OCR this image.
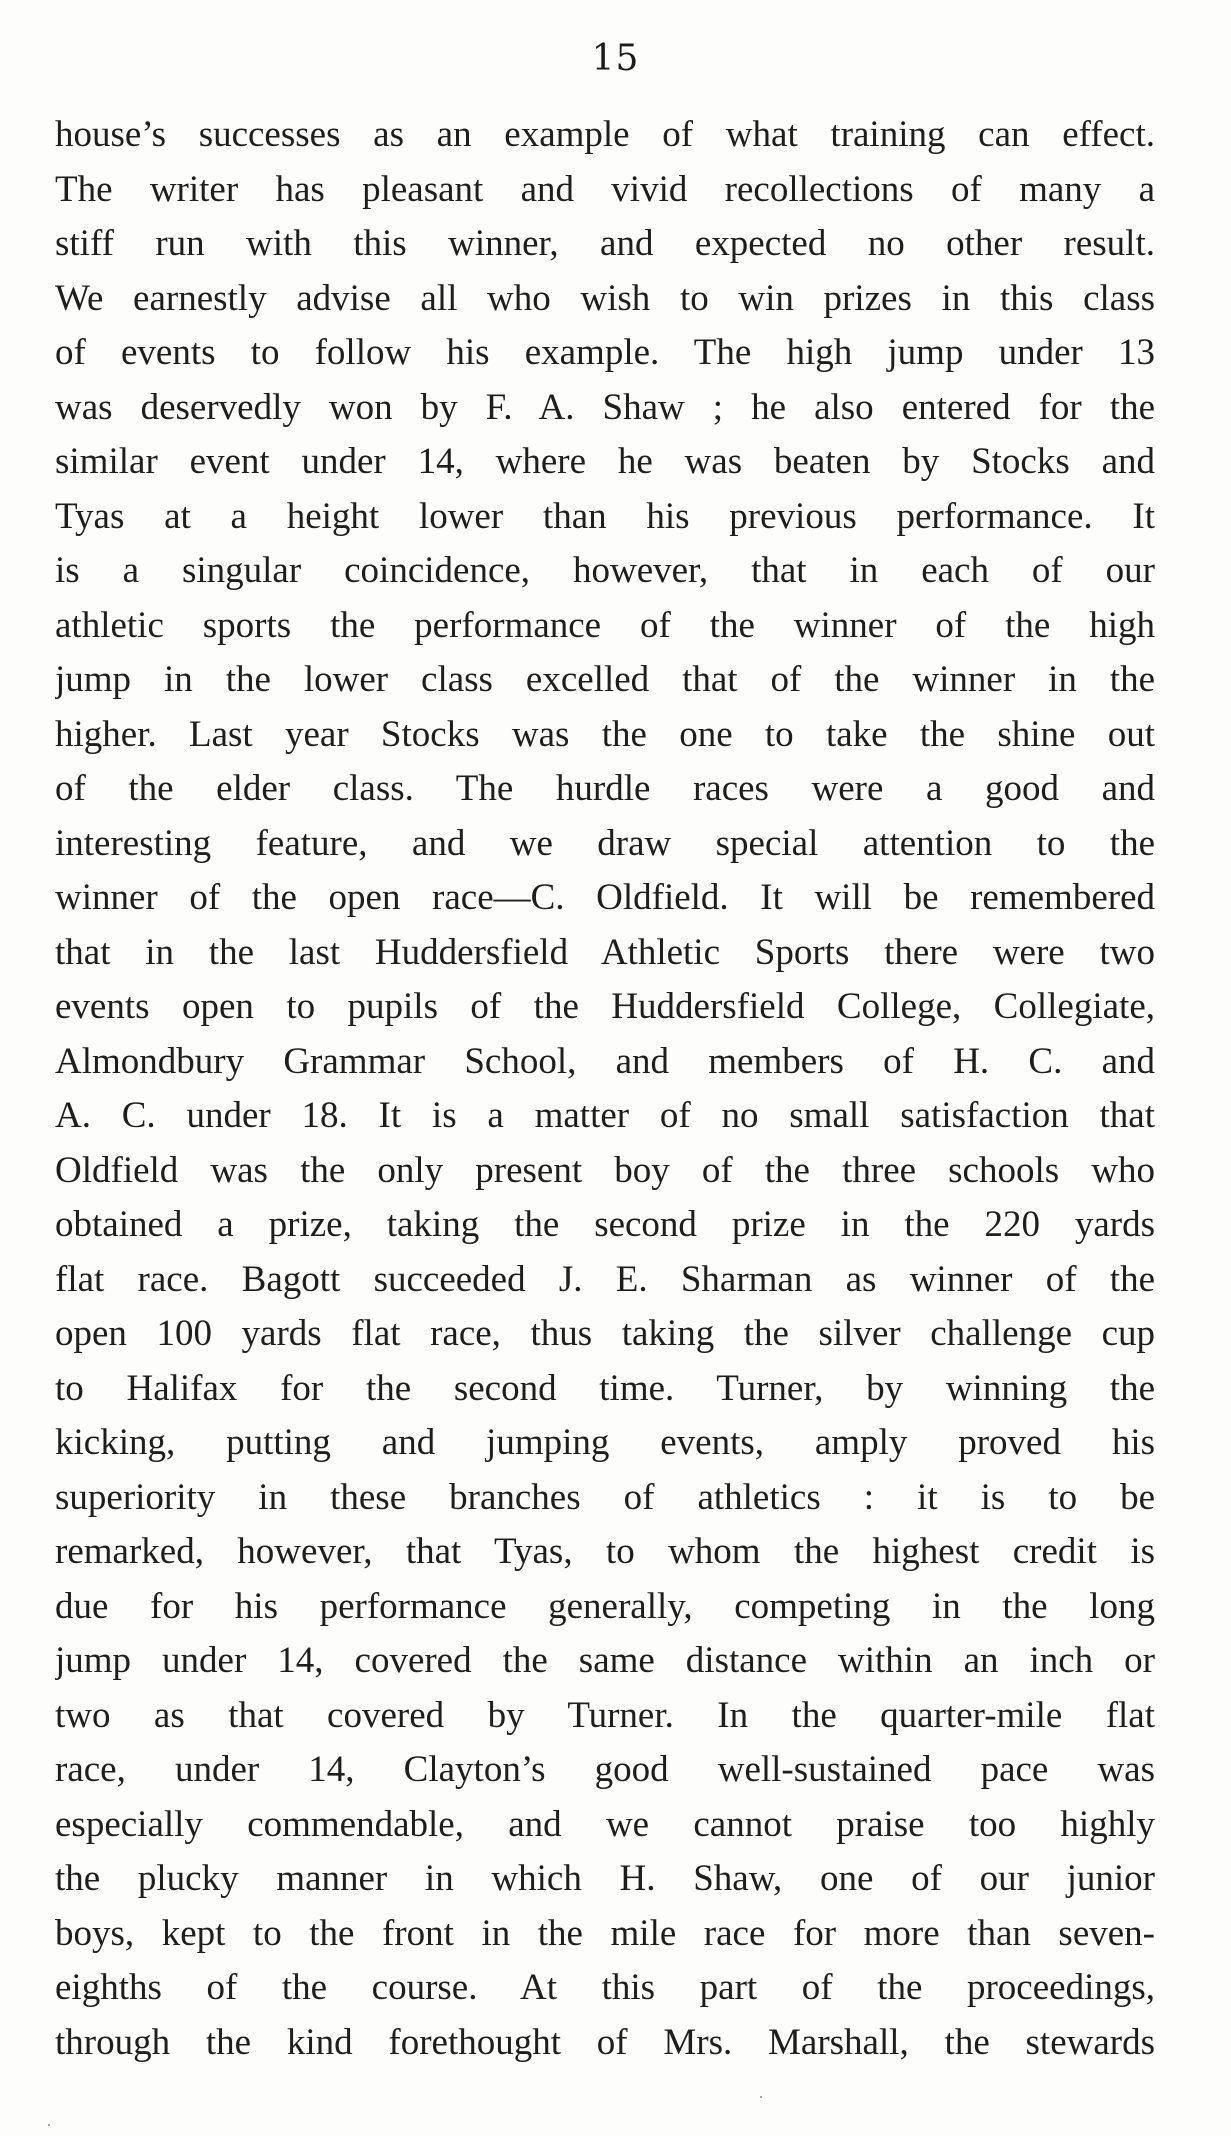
15
house’s successes as an example of what training can effect.
The writer has pleasant and vivid recollections of many a
stiff run with this winner, and expected no other result.
We earnestly advise all who wish to win prizes in this class
of events to follow his example. The high jump under 13
was deservedly won by F. A. Shaw ; he also entered for the
similar event under 14, where he was beaten by Stocks and
Tyas at a height lower than his previous performance. It
is a singular coincidence, however, that in each of our
athletic sports the performance of the winner of the high
jump in the lower class excelled that of the winner in the
higher. Last year Stocks was the one to take the shine out
of the elder class. The hurdle races were a good and
interesting feature, and we draw special attention to the
winner of the open race—C. Oldfield. It will be remembered
that in the last Huddersfield Athletic Sports there were two
events open to pupils of the Huddersfield College, Collegiate,
Almondbury Grammar School, and members of H. C. and
A. C. under 18. It is a matter of no small satisfaction that
Oldfield was the only present boy of the three schools who
obtained a prize, taking the second prize in the 220 yards
flat race. Bagott succeeded J. E. Sharman as winner of the
open 100 yards flat race, thus taking the silver challenge cup
to Halifax for the second time. Turner, by winning the
kicking, putting and jumping events, amply proved his
superiority in these branches of athletics : it is to be
remarked, however, that Tyas, to whom the highest credit is
due for his performance generally, competing in the long
jump under 14, covered the same distance within an inch or
two as that covered by Turner. In the quarter-mile flat
race, under 14, Clayton’s good well-sustained pace was
especially commendable, and we cannot praise too highly
the plucky manner in which H. Shaw, one of our junior
boys, kept to the front in the mile race for more than seven-
eighths of the course. At this part of the proceedings,
through the kind forethought of Mrs. Marshall, the stewards
